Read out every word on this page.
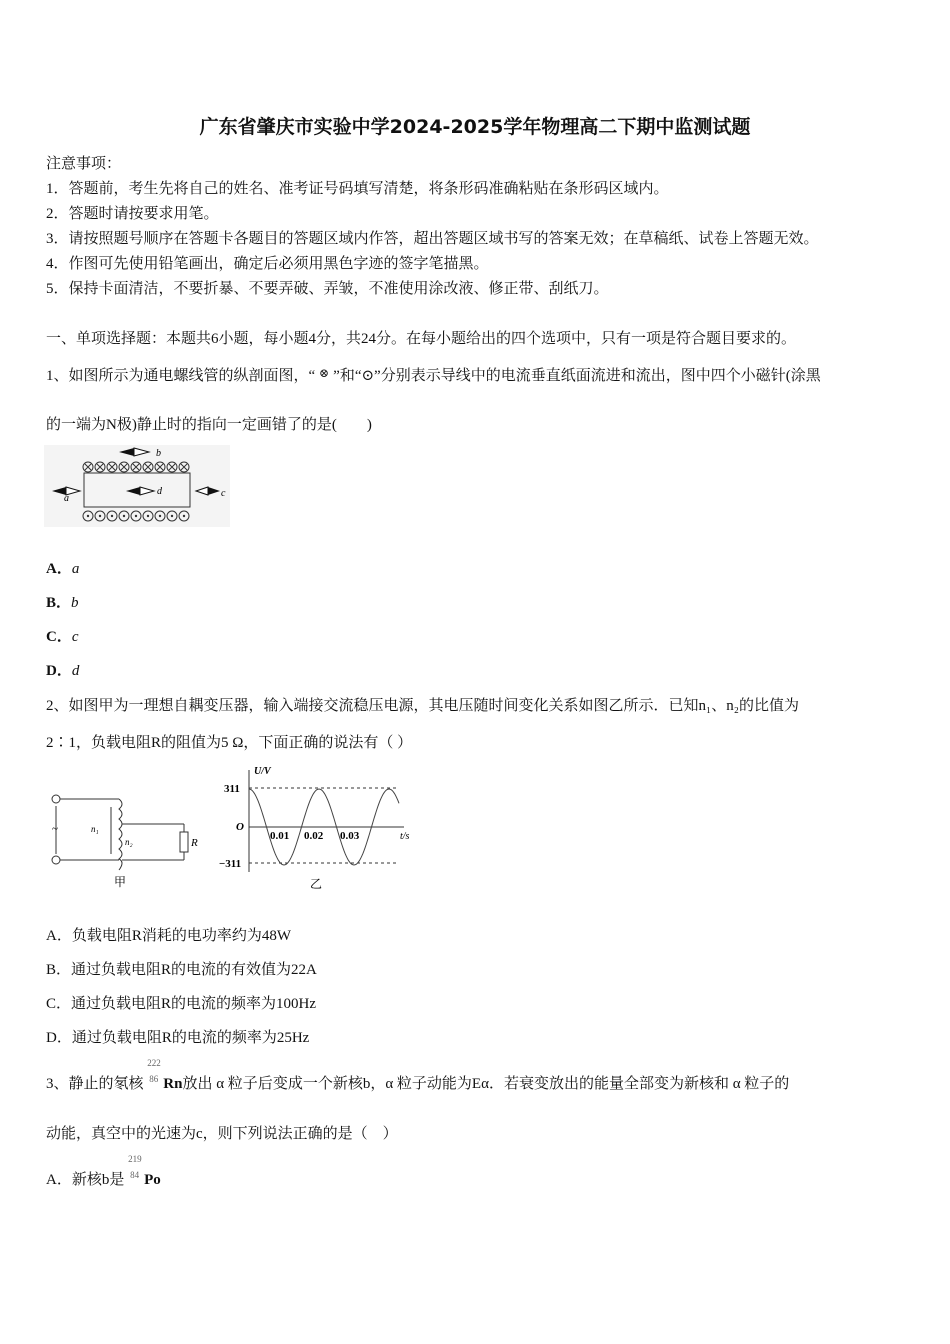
广东省肇庆市实验中学2024-2025学年物理高二下期中监测试题
注意事项：
1．答题前，考生先将自己的姓名、准考证号码填写清楚，将条形码准确粘贴在条形码区域内。
2．答题时请按要求用笔。
3．请按照题号顺序在答题卡各题目的答题区域内作答，超出答题区域书写的答案无效；在草稿纸、试卷上答题无效。
4．作图可先使用铅笔画出，确定后必须用黑色字迹的签字笔描黑。
5．保持卡面清洁，不要折暴、不要弄破、弄皱，不准使用涂改液、修正带、刮纸刀。
一、单项选择题：本题共6小题，每小题4分，共24分。在每小题给出的四个选项中，只有一项是符合题目要求的。
1、如图所示为通电螺线管的纵剖面图，“ ⊗ ”和“⊙”分别表示导线中的电流垂直纸面流进和流出，图中四个小磁针(涂黑
的一端为N极)静止时的指向一定画错了的是(　　)
b
a
d	c
A．a
B．b
C．c
D．d
2、如图甲为一理想自耦变压器，输入端接交流稳压电源，其电压随时间变化关系如图乙所示．已知n₁、n₂的比值为
2∶1，负载电阻R的阻值为5 Ω，下面正确的说法有（ ）
~	n₁
n₂	R
甲
U/V
311
−311
O
0.01 0.02 0.03	t/s
乙
A．负载电阻R消耗的电功率约为48W
B．通过负载电阻R的电流的有效值为22A
C．通过负载电阻R的电流的频率为100Hz
D．通过负载电阻R的电流的频率为25Hz
3、静止的氡核
222
86 Rn放出 α 粒子后变成一个新核b，α 粒子动能为Eα．若衰变放出的能量全部变为新核和 α 粒子的
动能，真空中的光速为c，则下列说法正确的是（　）
A．新核b是
219
84 Po
